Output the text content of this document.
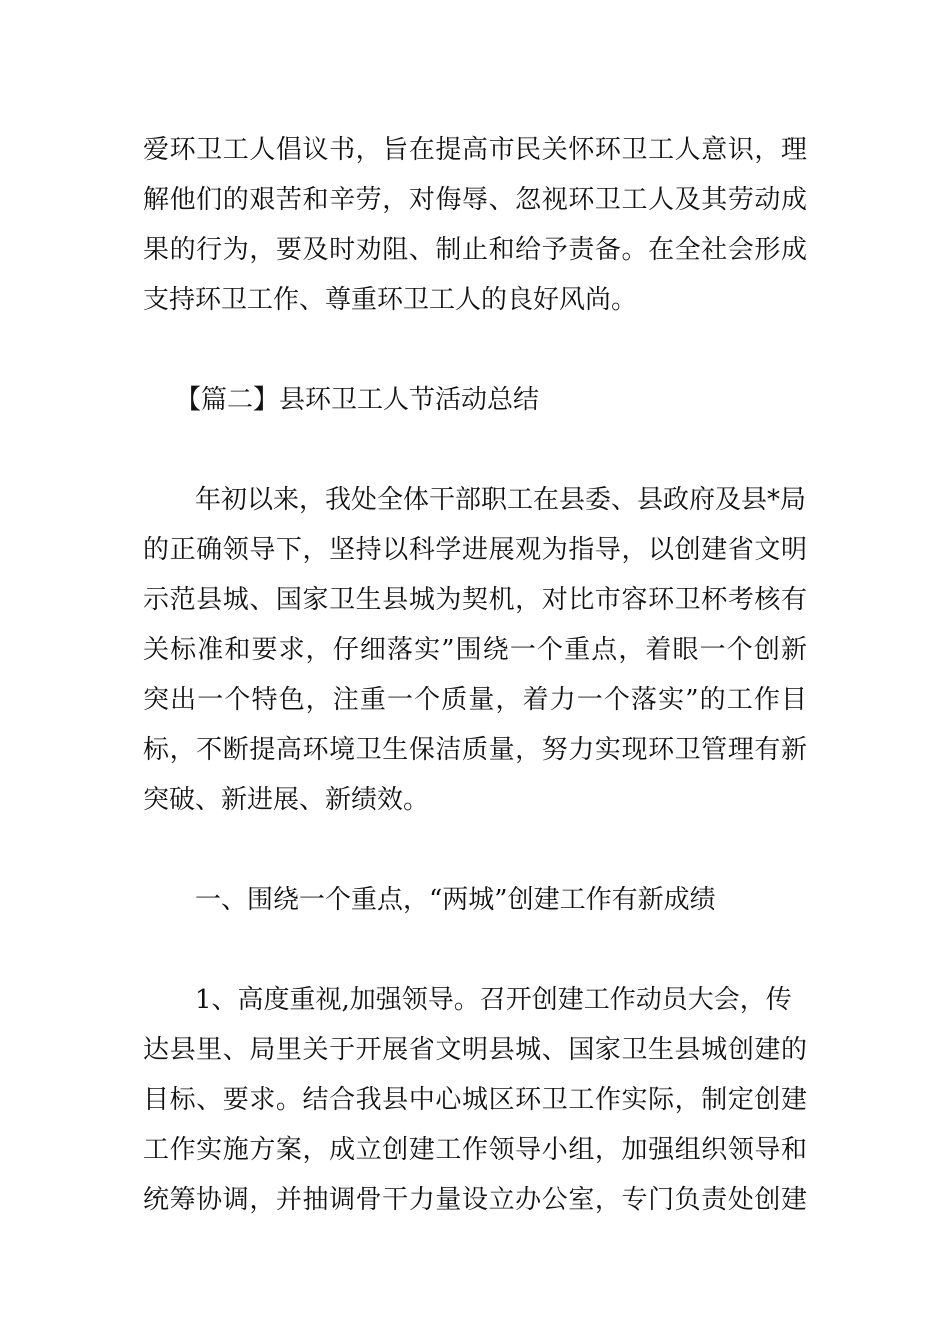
爱环卫工人倡议书，旨在提高市民关怀环卫工人意识，理
解他们的艰苦和辛劳，对侮辱、忽视环卫工人及其劳动成
果的行为，要及时劝阻、制止和给予责备。在全社会形成
支持环卫工作、尊重环卫工人的良好风尚。
【篇二】县环卫工人节活动总结
年初以来，我处全体干部职工在县委、县政府及县*局
的正确领导下，坚持以科学进展观为指导，以创建省文明
示范县城、国家卫生县城为契机，对比市容环卫杯考核有
关标准和要求，仔细落实”围绕一个重点，着眼一个创新
突出一个特色，注重一个质量，着力一个落实”的工作目
标，不断提高环境卫生保洁质量，努力实现环卫管理有新
突破、新进展、新绩效。
一、围绕一个重点，“两城”创建工作有新成绩
1、高度重视,加强领导。召开创建工作动员大会，传
达县里、局里关于开展省文明县城、国家卫生县城创建的
目标、要求。结合我县中心城区环卫工作实际，制定创建
工作实施方案，成立创建工作领导小组，加强组织领导和
统筹协调，并抽调骨干力量设立办公室，专门负责处创建
